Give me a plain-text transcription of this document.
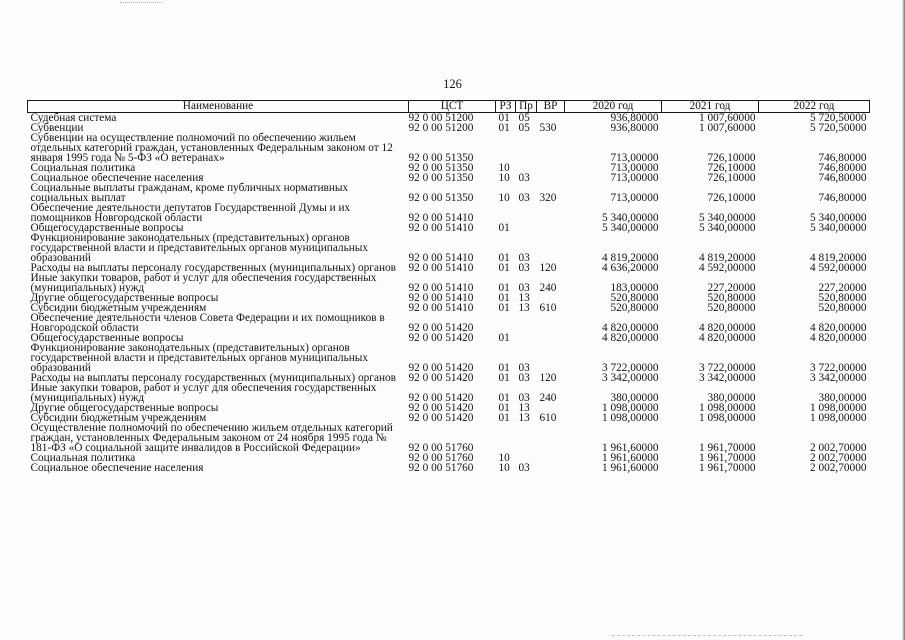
126
Наименование	ЦСТ	РЗ	Пр	ВР	2020 год	2021 год	2022 год
Судебная система	92 0 00 51200	01	05		936,80000	1 007,60000	5 720,50000
Субвенции	92 0 00 51200	01	05	530	936,80000	1 007,60000	5 720,50000
Субвенции на осуществление полномочий по обеспечению жильем отдельных категорий граждан, установленных Федеральным законом от 12 января 1995 года № 5-ФЗ «О ветеранах»	92 0 00 51350				713,00000	726,10000	746,80000
Социальная политика	92 0 00 51350	10			713,00000	726,10000	746,80000
Социальное обеспечение населения	92 0 00 51350	10	03		713,00000	726,10000	746,80000
Социальные выплаты гражданам, кроме публичных нормативных социальных выплат	92 0 00 51350	10	03	320	713,00000	726,10000	746,80000
Обеспечение деятельности депутатов Государственной Думы и их помощников Новгородской области	92 0 00 51410				5 340,00000	5 340,00000	5 340,00000
Общегосударственные вопросы	92 0 00 51410	01			5 340,00000	5 340,00000	5 340,00000
Функционирование законодательных (представительных) органов государственной власти и представительных органов муниципальных образований	92 0 00 51410	01	03		4 819,20000	4 819,20000	4 819,20000
Расходы на выплаты персоналу государственных (муниципальных) органов	92 0 00 51410	01	03	120	4 636,20000	4 592,00000	4 592,00000
Иные закупки товаров, работ и услуг для обеспечения государственных (муниципальных) нужд	92 0 00 51410	01	03	240	183,00000	227,20000	227,20000
Другие общегосударственные вопросы	92 0 00 51410	01	13		520,80000	520,80000	520,80000
Субсидии бюджетным учреждениям	92 0 00 51410	01	13	610	520,80000	520,80000	520,80000
Обеспечение деятельности членов Совета Федерации и их помощников в Новгородской области	92 0 00 51420				4 820,00000	4 820,00000	4 820,00000
Общегосударственные вопросы	92 0 00 51420	01			4 820,00000	4 820,00000	4 820,00000
Функционирование законодательных (представительных) органов государственной власти и представительных органов муниципальных образований	92 0 00 51420	01	03		3 722,00000	3 722,00000	3 722,00000
Расходы на выплаты персоналу государственных (муниципальных) органов	92 0 00 51420	01	03	120	3 342,00000	3 342,00000	3 342,00000
Иные закупки товаров, работ и услуг для обеспечения государственных (муниципальных) нужд	92 0 00 51420	01	03	240	380,00000	380,00000	380,00000
Другие общегосударственные вопросы	92 0 00 51420	01	13		1 098,00000	1 098,00000	1 098,00000
Субсидии бюджетным учреждениям	92 0 00 51420	01	13	610	1 098,00000	1 098,00000	1 098,00000
Осуществление полномочий по обеспечению жильем отдельных категорий граждан, установленных Федеральным законом от 24 ноября 1995 года № 181-ФЗ «О социальной защите инвалидов в Российской Федерации»	92 0 00 51760				1 961,60000	1 961,70000	2 002,70000
Социальная политика	92 0 00 51760	10			1 961,60000	1 961,70000	2 002,70000
Социальное обеспечение населения	92 0 00 51760	10	03		1 961,60000	1 961,70000	2 002,70000
